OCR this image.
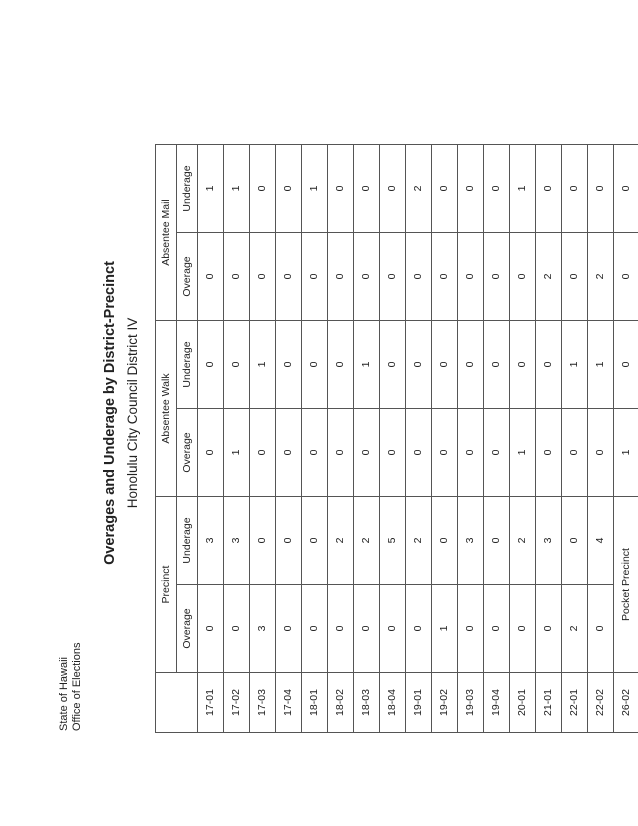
State of Hawaii Office of Elections
Overages and Underage by District-Precinct Honolulu City Council District IV
	Precinct		Absentee Walk		Absentee Mail	
	Overage	Underage	Overage	Underage	Overage	Underage
17-01	0	3	0	0	0	1
17-02	0	3	1	0	0	1
17-03	3	0	0	1	0	0
17-04	0	0	0	0	0	0
18-01	0	0	0	0	0	1
18-02	0	2	0	0	0	0
18-03	0	2	0	1	0	0
18-04	0	5	0	0	0	0
19-01	0	2	0	0	0	2
19-02	1	0	0	0	0	0
19-03	0	3	0	0	0	0
19-04	0	0	0	0	0	0
20-01	0	2	1	0	0	1
21-01	0	3	0	0	2	0
22-01	2	0	0	1	0	0
22-02	0	4	0	1	2	0
26-02	Pocket Precinct		1	0	0	0
